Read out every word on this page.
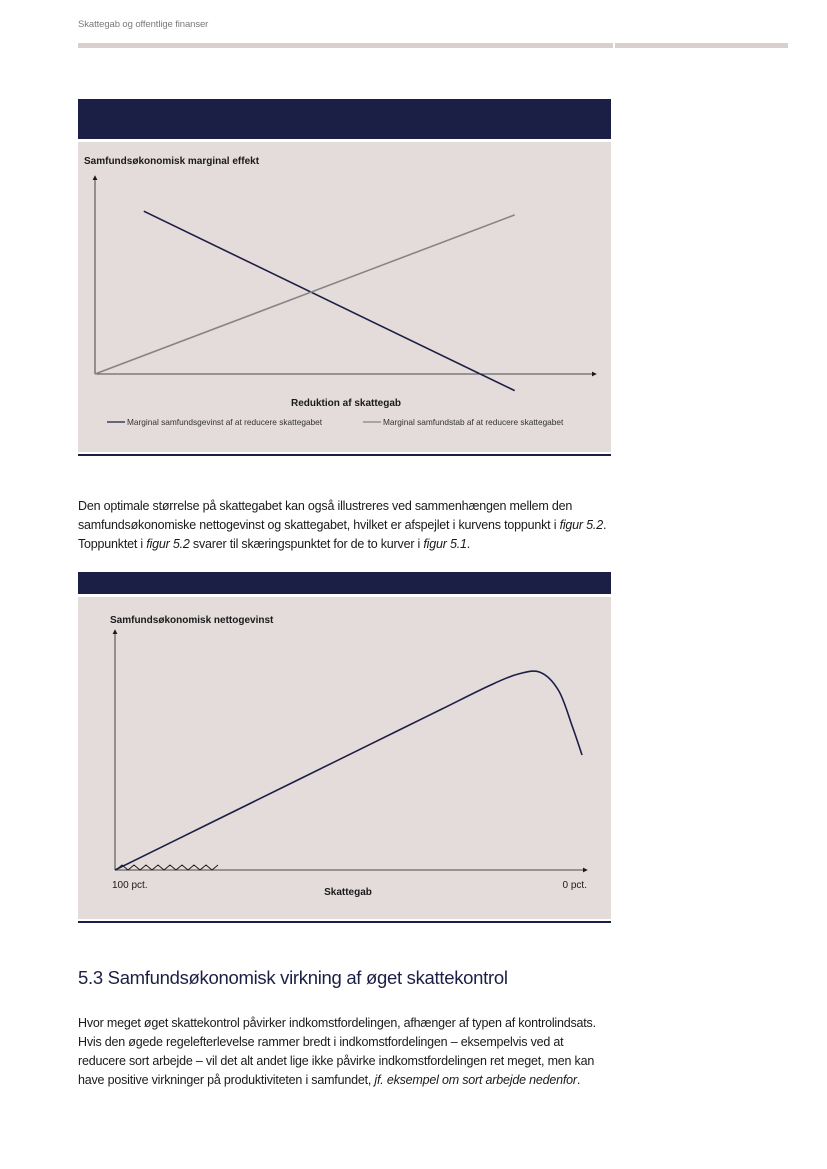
Skattegab og offentlige finanser
Samfundsøkonomisk marginal effekt
Reduktion af skattegab
Marginal samfundsgevinst af at reducere skattegabet	Marginal samfundstab af at reducere skattegabet

Den optimale størrelse på skattegabet kan også illustreres ved sammenhængen mellem den samfundsøkonomiske nettogevinst og skattegabet, hvilket er afspejlet i kurvens toppunkt i figur 5.2. Toppunktet i figur 5.2 svarer til skæringspunktet for de to kurver i figur 5.1.

Samfundsøkonomisk nettogevinst
100 pct.	0 pct.
Skattegab
5.3 Samfundsøkonomisk virkning af øget skattekontrol

Hvor meget øget skattekontrol påvirker indkomstfordelingen, afhænger af typen af kontrolindsats. Hvis den øgede regelefterlevelse rammer bredt i indkomstfordelingen – eksempelvis ved at reducere sort arbejde – vil det alt andet lige ikke påvirke indkomstfordelingen ret meget, men kan have positive virkninger på produktiviteten i samfundet, jf. eksempel om sort arbejde nedenfor.
